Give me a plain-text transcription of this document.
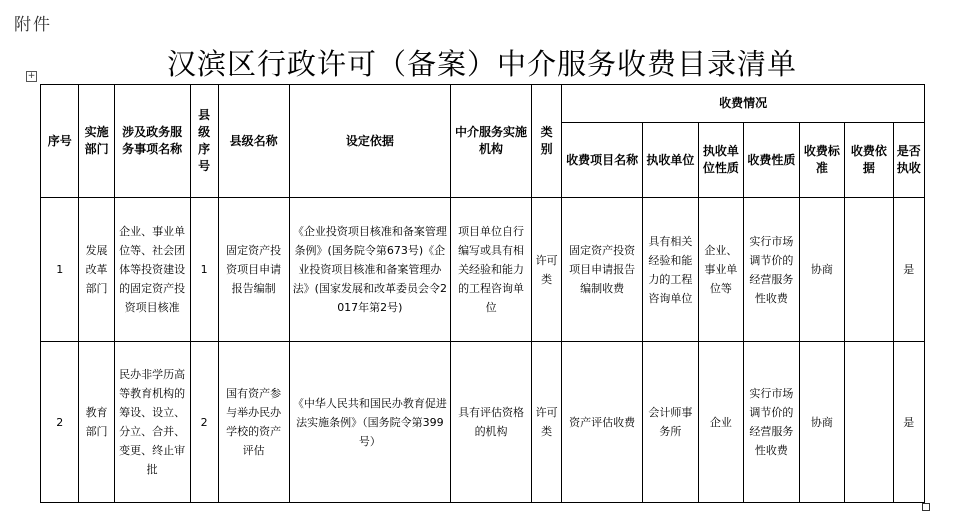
附件
汉滨区行政许可（备案）中介服务收费目录清单
+
序号	实施部门	涉及政务服务事项名称	县级序号	县级名称	设定依据	中介服务实施机构	类别	收费情况						
								收费项目名称	执收单位	执收单位性质	收费性质	收费标准	收费依据	是否执收
1	发展改革部门	企业、事业单位等、社会团体等投资建设的固定资产投资项目核准	1	固定资产投资项目申请报告编制	《企业投资项目核准和备案管理条例》(国务院令第673号)《企业投资项目核准和备案管理办法》(国家发展和改革委员会令2017年第2号)	项目单位自行编写或具有相关经验和能力的工程咨询单位	许可类	固定资产投资项目申请报告编制收费	具有相关经验和能力的工程咨询单位	企业、事业单位等	实行市场调节价的经营服务性收费	协商		是
2	教育部门	民办非学历高等教育机构的筹设、设立、分立、合并、变更、终止审批	2	国有资产参与举办民办学校的资产评估	《中华人民共和国民办教育促进法实施条例》（国务院令第399号）	具有评估资格的机构	许可类	资产评估收费	会计师事务所	企业	实行市场调节价的经营服务性收费	协商		是
